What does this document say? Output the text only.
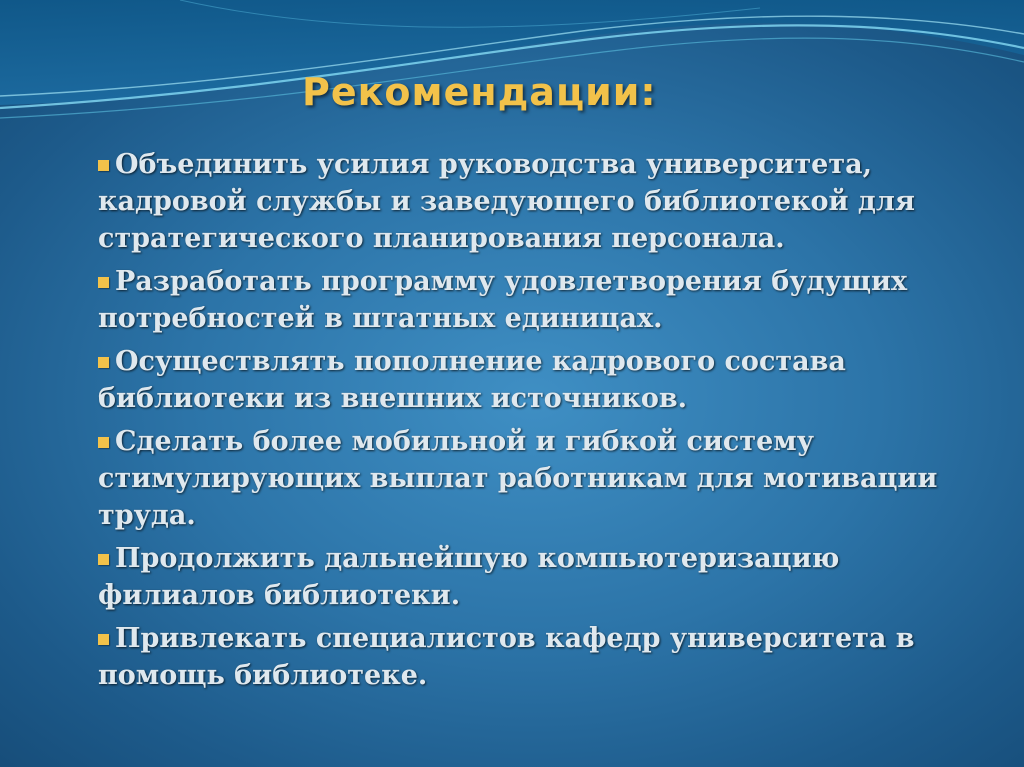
Рекомендации:
Объединить усилия руководства университета, кадровой службы и заведующего библиотекой для стратегического планирования персонала.
Разработать программу удовлетворения будущих потребностей в штатных единицах.
Осуществлять пополнение кадрового состава библиотеки из внешних источников.
Сделать более мобильной и гибкой систему стимулирующих выплат работникам для мотивации труда.
Продолжить дальнейшую компьютеризацию филиалов библиотеки.
Привлекать специалистов кафедр университета в помощь библиотеке.
